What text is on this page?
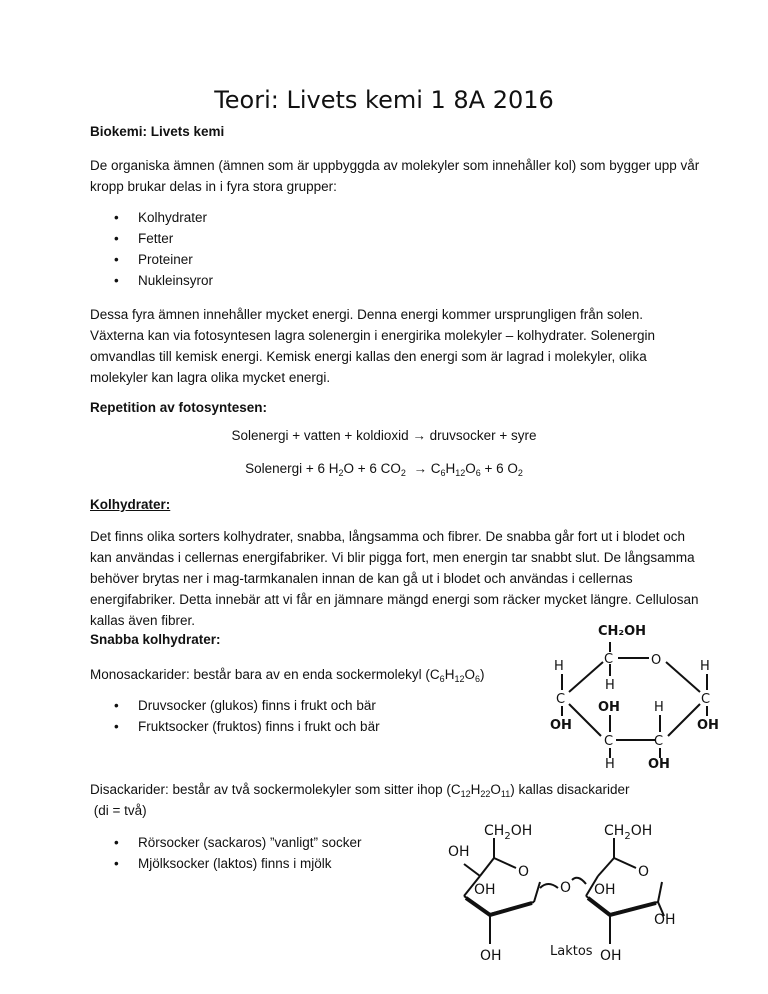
Teori: Livets kemi 1 8A 2016

Biokemi: Livets kemi

De organiska ämnen (ämnen som är uppbyggda av molekyler som innehåller kol) som bygger upp vår kropp brukar delas in i fyra stora grupper:

• Kolhydrater
• Fetter
• Proteiner
• Nukleinsyror

Dessa fyra ämnen innehåller mycket energi. Denna energi kommer ursprungligen från solen. Växterna kan via fotosyntesen lagra solenergin i energirika molekyler – kolhydrater. Solenergin omvandlas till kemisk energi. Kemisk energi kallas den energi som är lagrad i molekyler, olika molekyler kan lagra olika mycket energi.

Repetition av fotosyntesen:

Solenergi + vatten + koldioxid → druvsocker + syre

Solenergi + 6 $H_2O + 6$ $CO_2 \to C_6H_{12}O_6 + 6$ $O_2$

Kolhydrater:

Det finns olika sorters kolhydrater, snabba, långsamma och fibrer. De snabba går fort ut i blodet och kan användas i cellernas energifabriker. Vi blir pigga fort, men energin tar snabbt slut. De långsamma behöver brytas ner i mag-tarmkanalen innan de kan gå ut i blodet och användas i cellernas energifabriker. Detta innebär att vi får en jämnare mängd energi som räcker mycket längre. Cellulosan kallas även fibrer.

Snabba kolhydrater:

Monosackarider: består bara av en enda sockermolekyl $(C_6H_{12}O_6)$

• Druvsocker (glukos) finns i frukt och bär
• Fruktsocker (fruktos) finns i frukt och bär

Disackarider: består av två sockermolekyler som sitter ihop $(C_{12}H_{22}O_{11})$ kallas disackarider
(di = två)

• Rörsocker (sackaros) ”vanligt” socker
• Mjölksocker (laktos) finns i mjölk
CH₂OH
C	O
H
H
C
OH
H
C
OH
OH	H
C	C
H	OH
$CH_2OH$
OH
O
OH
OH
O
$CH_2OH$
O
OH
OH
OH

Laktos
